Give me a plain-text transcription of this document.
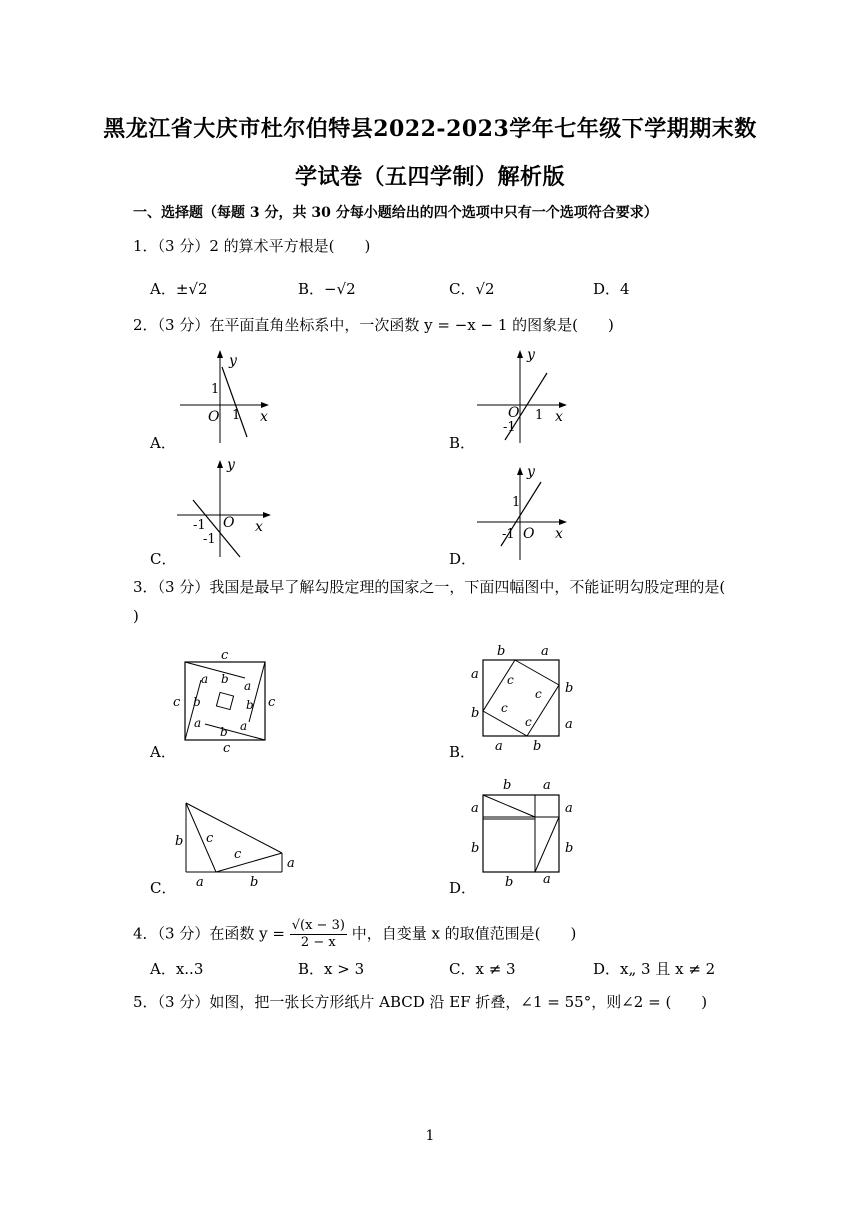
黑龙江省大庆市杜尔伯特县2022-2023学年七年级下学期期末数
学试卷（五四学制）解析版
一、选择题（每题 3 分，共 30 分每小题给出的四个选项中只有一个选项符合要求）
1．（3 分）2 的算术平方根是(　　)
A．±√2	B．−√2	C．√2	D．4
2．（3 分）在平面直角坐标系中，一次函数 y = −x − 1 的图象是(　　)
A．
y
x
O
1
1
B．
y
x
O 1
-1
C．
y
x
O
-1
-1
D．
y
x
O
1
-1
3．（3 分）我国是最早了解勾股定理的国家之一，下面四幅图中，不能证明勾股定理的是(
)
A．
c
c	c
c
a b a
b
a
b
a
b
B．
b	a
a
b
b
a
a b
c
c
c
c
C．
b c
c
a
a	b	D．
b a
a
b
a
b
b a
4．（3 分）在函数 $y = \frac{√(x - 3)}{2 - x}$ 中，自变量 x 的取值范围是(　　)
A．x..3	B．x > 3	C．x ≠ 3	D．x„ 3 且 x ≠ 2
5．（3 分）如图，把一张长方形纸片 ABCD 沿 EF 折叠，∠1 = 55°，则∠2 = (　　)
1
